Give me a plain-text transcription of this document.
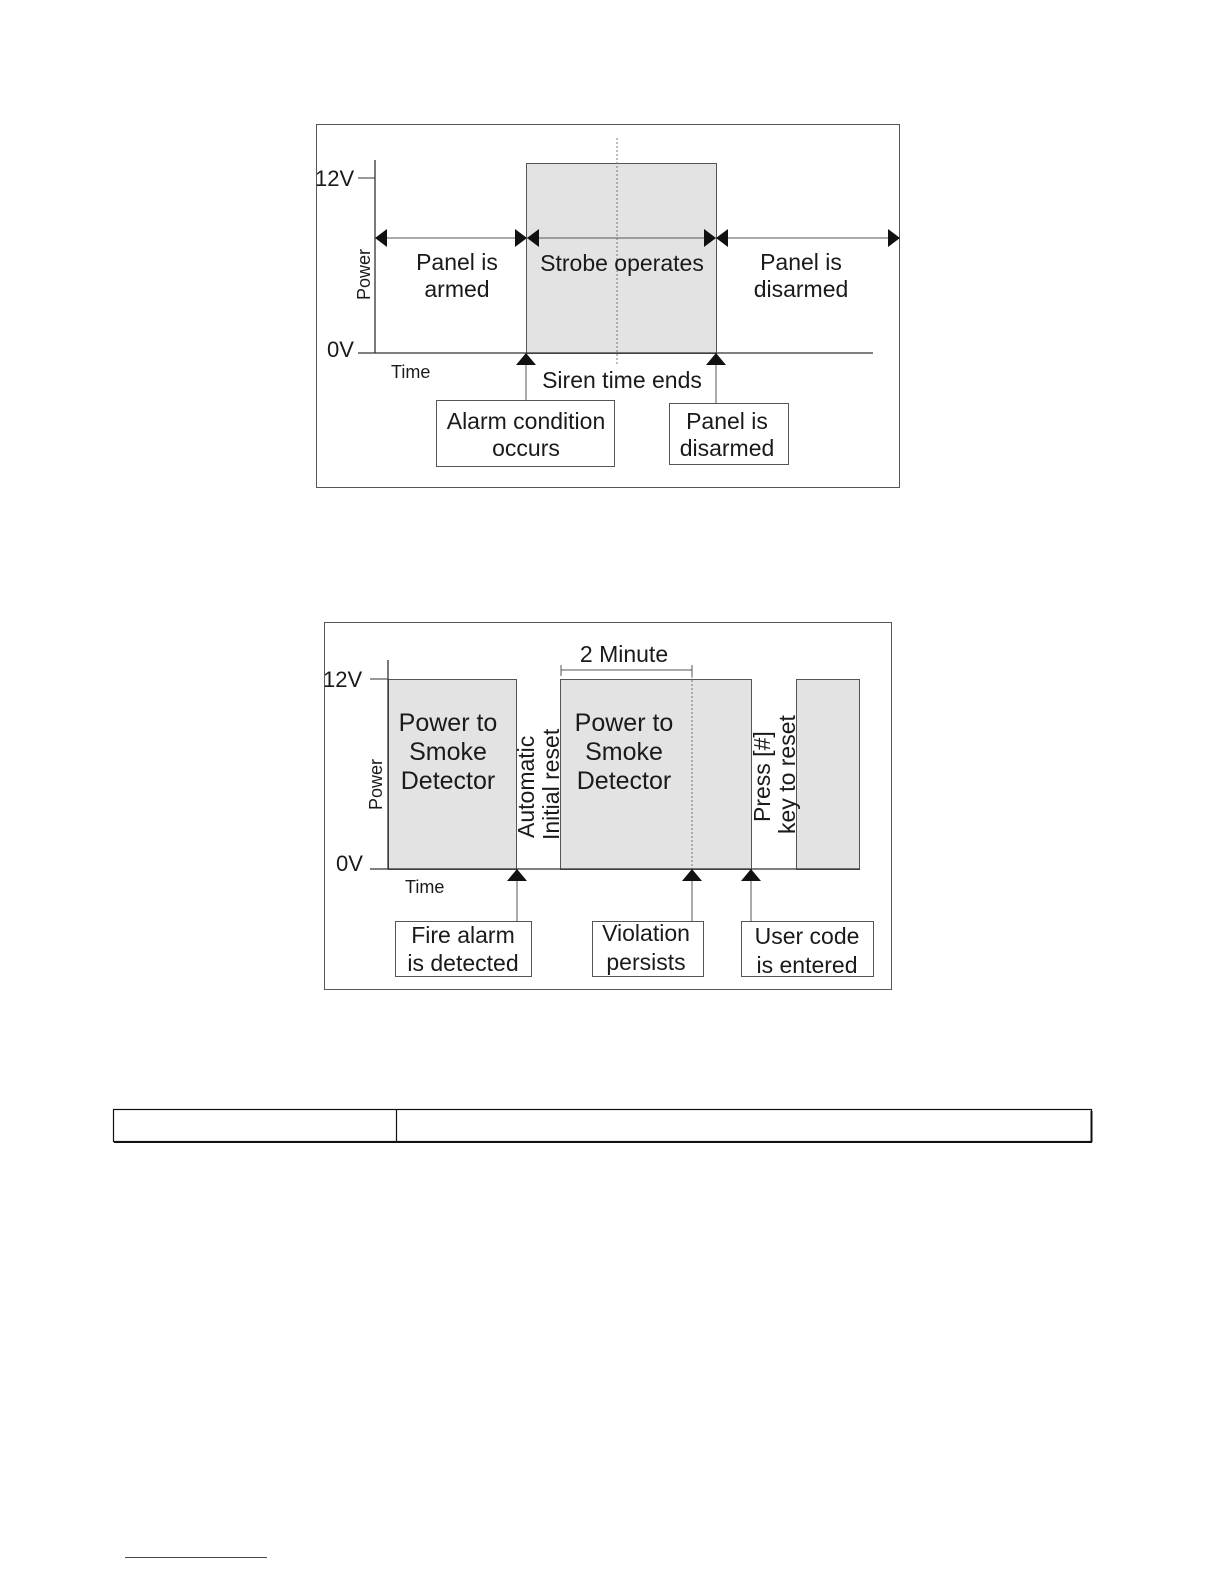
12V
0V
Power
Time
Panel is
armed
Strobe operates Panel is
disarmed
Siren time ends
Alarm condition
occurs
Panel is
disarmed
12V
0V
Power
Time
2 Minute
Power to
Smoke
Detector
Power to
Smoke
Detector
Automatic Initial reset	Press [#] key to reset
Fire alarm
is detected
Violation
persists
User code
is entered
